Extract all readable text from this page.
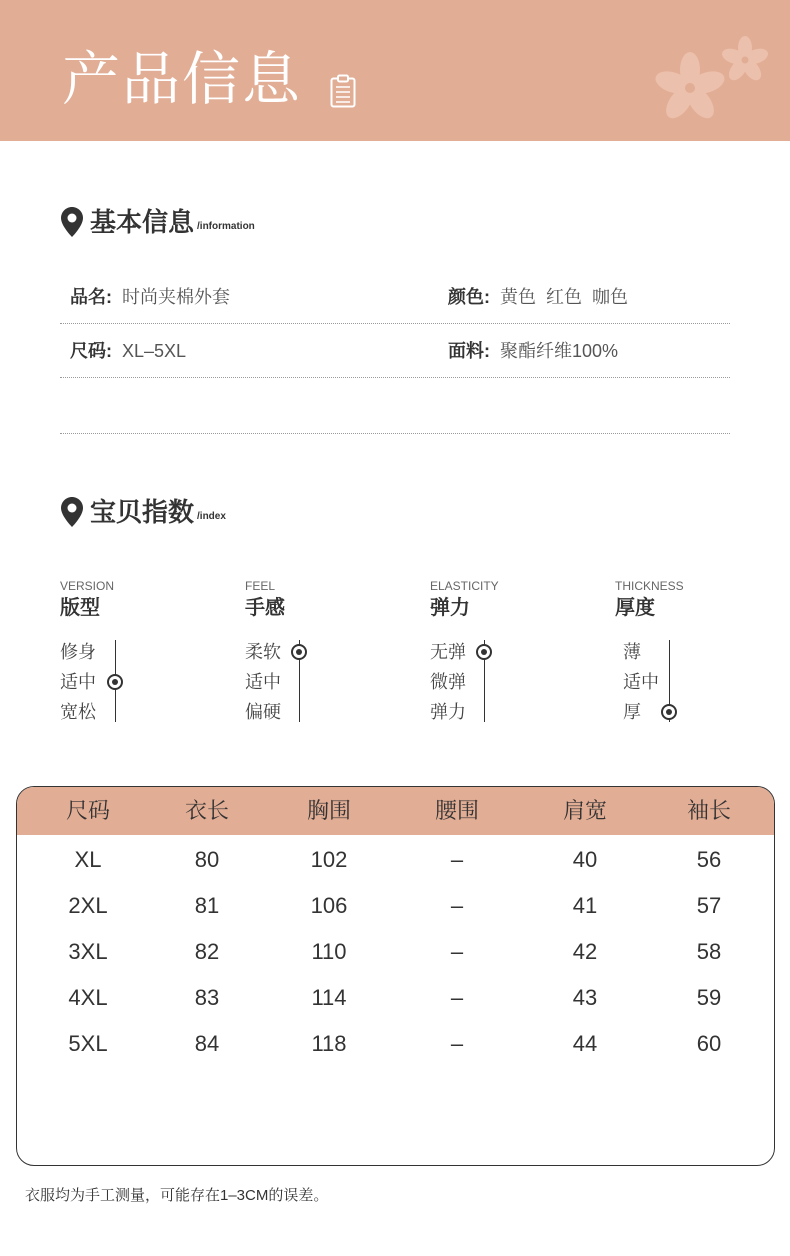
产品信息
基本信息 /information
品名: 时尚夹棉外套	颜色: 黄色  红色  咖色
尺码: XL–5XL	面料: 聚酯纤维100%
宝贝指数 /index
VERSION
版型
修身
适中
宽松
FEEL
手感
柔软
适中
偏硬
ELASTICITY
弹力
无弹
微弹
弹力
THICKNESS
厚度
薄
适中
厚
尺码	衣长	胸围	腰围	肩宽	袖长
XL	80	102	–	40	56
2XL	81	106	–	41	57
3XL	82	110	–	42	58
4XL	83	114	–	43	59
5XL	84	118	–	44	60
衣服均为手工测量，可能存在1–3CM的误差。
